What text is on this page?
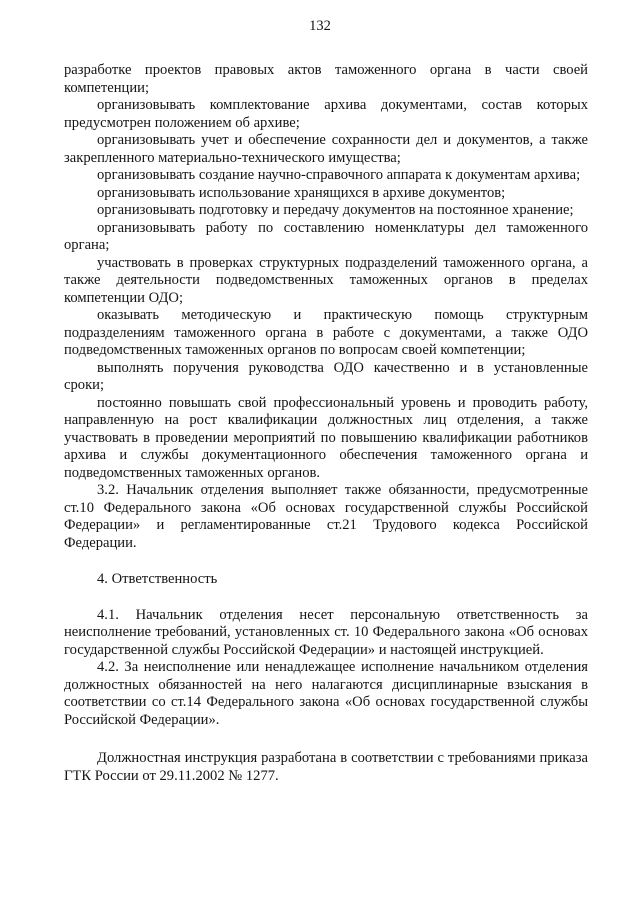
132

разработке проектов правовых актов таможенного органа в части своей компетенции;

организовывать комплектование архива документами, состав которых предусмотрен положением об архиве;

организовывать учет и обеспечение сохранности дел и документов, а также закрепленного материально-технического имущества;

организовывать создание научно-справочного аппарата к документам архива;

организовывать использование хранящихся в архиве документов;

организовывать подготовку и передачу документов на постоянное хранение;

организовывать работу по составлению номенклатуры дел таможенного органа;

участвовать в проверках структурных подразделений таможенного органа, а также деятельности подведомственных таможенных органов в пределах компетенции ОДО;

оказывать методическую и практическую помощь структурным подразделениям таможенного органа в работе с документами, а также ОДО подведомственных таможенных органов по вопросам своей компетенции;

выполнять поручения руководства ОДО качественно и в установленные сроки;

постоянно повышать свой профессиональный уровень и проводить работу, направленную на рост квалификации должностных лиц отделения, а также участвовать в проведении мероприятий по повышению квалификации работников архива и службы документационного обеспечения таможенного органа и подведомственных таможенных органов.

3.2. Начальник отделения выполняет также обязанности, предусмотренные ст.10 Федерального закона «Об основах государственной службы Российской Федерации» и регламентированные ст.21 Трудового кодекса Российской Федерации.

4. Ответственность

4.1. Начальник отделения несет персональную ответственность за неисполнение требований, установленных ст. 10 Федерального закона «Об основах государственной службы Российской Федерации» и настоящей инструкцией.

4.2. За неисполнение или ненадлежащее исполнение начальником отделения должностных обязанностей на него налагаются дисциплинарные взыскания в соответствии со ст.14 Федерального закона «Об основах государственной службы Российской Федерации».

Должностная инструкция разработана в соответствии с требованиями приказа ГТК России от 29.11.2002 № 1277.
